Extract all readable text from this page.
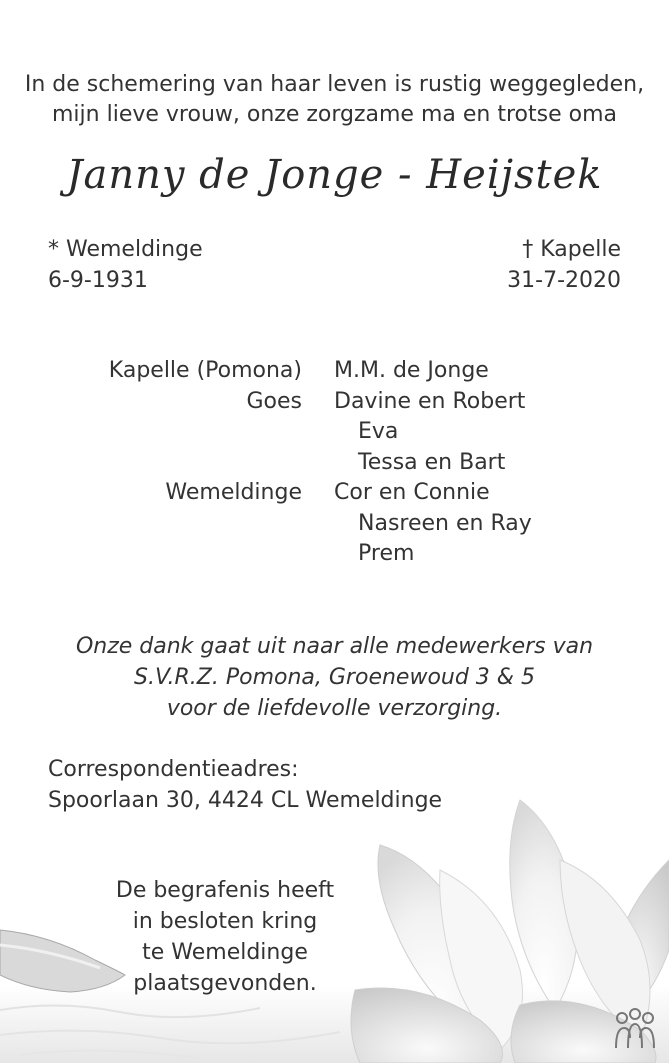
In de schemering van haar leven is rustig weggegleden,
mijn lieve vrouw, onze zorgzame ma en trotse oma
Janny de Jonge - Heijstek
* Wemeldinge
6-9-1931
† Kapelle
31-7-2020
Kapelle (Pomona) M.M. de Jonge
Goes Davine en Robert
Eva
Tessa en Bart
Wemeldinge Cor en Connie
Nasreen en Ray
Prem
Onze dank gaat uit naar alle medewerkers van
S.V.R.Z. Pomona, Groenewoud 3 & 5
voor de liefdevolle verzorging.
Correspondentieadres:
Spoorlaan 30, 4424 CL Wemeldinge
De begrafenis heeft
in besloten kring
te Wemeldinge
plaatsgevonden.
